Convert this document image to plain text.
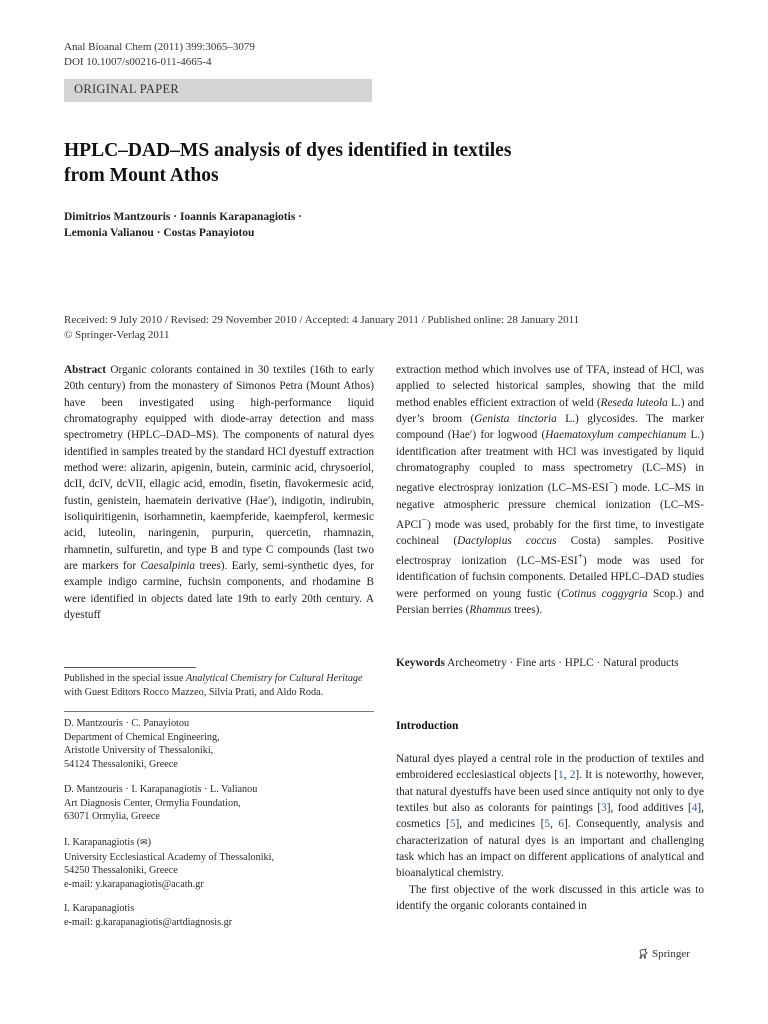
Anal Bioanal Chem (2011) 399:3065–3079
DOI 10.1007/s00216-011-4665-4
ORIGINAL PAPER
HPLC–DAD–MS analysis of dyes identified in textiles
from Mount Athos
Dimitrios Mantzouris · Ioannis Karapanagiotis ·
Lemonia Valianou · Costas Panayiotou
Received: 9 July 2010 / Revised: 29 November 2010 / Accepted: 4 January 2011 / Published online: 28 January 2011
© Springer-Verlag 2011
Abstract Organic colorants contained in 30 textiles (16th to early 20th century) from the monastery of Simonos Petra (Mount Athos) have been investigated using high-performance liquid chromatography equipped with diode-array detection and mass spectrometry (HPLC–DAD–MS). The components of natural dyes identified in samples treated by the standard HCl dyestuff extraction method were: alizarin, apigenin, butein, carminic acid, chrysoeriol, dcII, dcIV, dcVII, ellagic acid, emodin, fisetin, flavokermesic acid, fustin, genistein, haematein derivative (Hae′), indigotin, indirubin, isoliquiritigenin, isorhamnetin, kaempferide, kaempferol, kermesic acid, luteolin, naringenin, purpurin, quercetin, rhamnazin, rhamnetin, sulfuretin, and type B and type C compounds (last two are markers for Caesalpinia trees). Early, semi-synthetic dyes, for example indigo carmine, fuchsin components, and rhodamine B were identified in objects dated late 19th to early 20th century. A dyestuff
extraction method which involves use of TFA, instead of HCl, was applied to selected historical samples, showing that the mild method enables efficient extraction of weld (Reseda luteola L.) and dyer’s broom (Genista tinctoria L.) glycosides. The marker compound (Hae′) for logwood (Haematoxylum campechianum L.) identification after treatment with HCl was investigated by liquid chromatography coupled to mass spectrometry (LC–MS) in negative electrospray ionization (LC–MS-ESI−) mode. LC–MS in negative atmospheric pressure chemical ionization (LC–MS-APCI−) mode was used, probably for the first time, to investigate cochineal (Dactylopius coccus Costa) samples. Positive electrospray ionization (LC–MS-ESI+) mode was used for identification of fuchsin components. Detailed HPLC–DAD studies were performed on young fustic (Cotinus coggygria Scop.) and Persian berries (Rhamnus trees).
Keywords Archeometry · Fine arts · HPLC · Natural products
Published in the special issue Analytical Chemistry for Cultural Heritage with Guest Editors Rocco Mazzeo, Silvia Prati, and Aldo Roda.
D. Mantzouris · C. Panayiotou
Department of Chemical Engineering,
Aristotle University of Thessaloniki,
54124 Thessaloniki, Greece
D. Mantzouris · I. Karapanagiotis · L. Valianou
Art Diagnosis Center, Ormylia Foundation,
63071 Ormylia, Greece
I. Karapanagiotis (✉)
University Ecclesiastical Academy of Thessaloniki,
54250 Thessaloniki, Greece
e-mail: y.karapanagiotis@acath.gr
I. Karapanagiotis
e-mail: g.karapanagiotis@artdiagnosis.gr
Introduction

Natural dyes played a central role in the production of textiles and embroidered ecclesiastical objects [1, 2]. It is noteworthy, however, that natural dyestuffs have been used since antiquity not only to dye textiles but also as colorants for paintings [3], food additives [4], cosmetics [5], and medicines [5, 6]. Consequently, analysis and characterization of natural dyes is an important and challenging task which has an impact on different applications of analytical and bioanalytical chemistry.

The first objective of the work discussed in this article was to identify the organic colorants contained in

Springer
